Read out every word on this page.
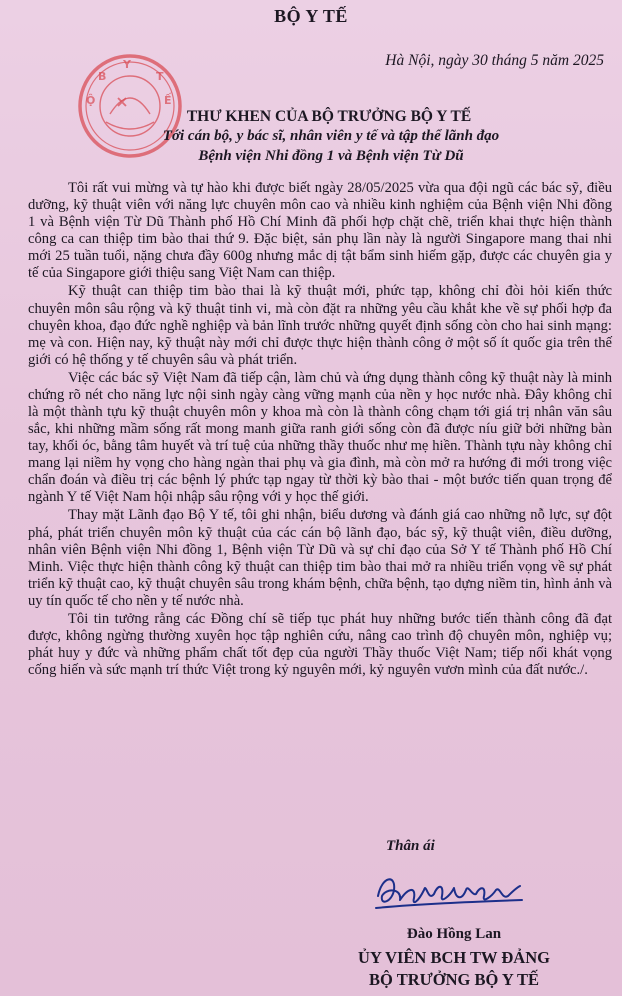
BỘ Y TẾ
Hà Nội, ngày 30 tháng 5 năm 2025
Y
B
Ộ
T
Ế
THƯ KHEN CỦA BỘ TRƯỞNG BỘ Y TẾ
Tới cán bộ, y bác sĩ, nhân viên y tế và tập thể lãnh đạo
Bệnh viện Nhi đồng 1 và Bệnh viện Từ Dũ

Tôi rất vui mừng và tự hào khi được biết ngày 28/05/2025 vừa qua đội ngũ các bác sỹ, điều dưỡng, kỹ thuật viên với năng lực chuyên môn cao và nhiều kinh nghiệm của Bệnh viện Nhi đồng 1 và Bệnh viện Từ Dũ Thành phố Hồ Chí Minh đã phối hợp chặt chẽ, triển khai thực hiện thành công ca can thiệp tim bào thai thứ 9. Đặc biệt, sản phụ lần này là người Singapore mang thai nhi mới 25 tuần tuổi, nặng chưa đầy 600g nhưng mắc dị tật bẩm sinh hiếm gặp, được các chuyên gia y tế của Singapore giới thiệu sang Việt Nam can thiệp.

Kỹ thuật can thiệp tim bào thai là kỹ thuật mới, phức tạp, không chỉ đòi hỏi kiến thức chuyên môn sâu rộng và kỹ thuật tinh vi, mà còn đặt ra những yêu cầu khắt khe về sự phối hợp đa chuyên khoa, đạo đức nghề nghiệp và bản lĩnh trước những quyết định sống còn cho hai sinh mạng: mẹ và con. Hiện nay, kỹ thuật này mới chỉ được thực hiện thành công ở một số ít quốc gia trên thế giới có hệ thống y tế chuyên sâu và phát triển.

Việc các bác sỹ Việt Nam đã tiếp cận, làm chủ và ứng dụng thành công kỹ thuật này là minh chứng rõ nét cho năng lực nội sinh ngày càng vững mạnh của nền y học nước nhà. Đây không chỉ là một thành tựu kỹ thuật chuyên môn y khoa mà còn là thành công chạm tới giá trị nhân văn sâu sắc, khi những mầm sống rất mong manh giữa ranh giới sống còn đã được níu giữ bởi những bàn tay, khối óc, bằng tâm huyết và trí tuệ của những thầy thuốc như mẹ hiền. Thành tựu này không chỉ mang lại niềm hy vọng cho hàng ngàn thai phụ và gia đình, mà còn mở ra hướng đi mới trong việc chẩn đoán và điều trị các bệnh lý phức tạp ngay từ thời kỳ bào thai - một bước tiến quan trọng để ngành Y tế Việt Nam hội nhập sâu rộng với y học thế giới.

Thay mặt Lãnh đạo Bộ Y tế, tôi ghi nhận, biểu dương và đánh giá cao những nỗ lực, sự đột phá, phát triển chuyên môn kỹ thuật của các cán bộ lãnh đạo, bác sỹ, kỹ thuật viên, điều dưỡng, nhân viên Bệnh viện Nhi đồng 1, Bệnh viện Từ Dũ và sự chỉ đạo của Sở Y tế Thành phố Hồ Chí Minh. Việc thực hiện thành công kỹ thuật can thiệp tim bào thai mở ra nhiều triển vọng về sự phát triển kỹ thuật cao, kỹ thuật chuyên sâu trong khám bệnh, chữa bệnh, tạo dựng niềm tin, hình ảnh và uy tín quốc tế cho nền y tế nước nhà.

Tôi tin tưởng rằng các Đồng chí sẽ tiếp tục phát huy những bước tiến thành công đã đạt được, không ngừng thường xuyên học tập nghiên cứu, nâng cao trình độ chuyên môn, nghiệp vụ; phát huy y đức và những phẩm chất tốt đẹp của người Thầy thuốc Việt Nam; tiếp nối khát vọng cống hiến và sức mạnh trí thức Việt trong kỷ nguyên mới, kỷ nguyên vươn mình của đất nước./.

Thân ái
Đào Hồng Lan
ỦY VIÊN BCH TW ĐẢNG
BỘ TRƯỞNG BỘ Y TẾ
